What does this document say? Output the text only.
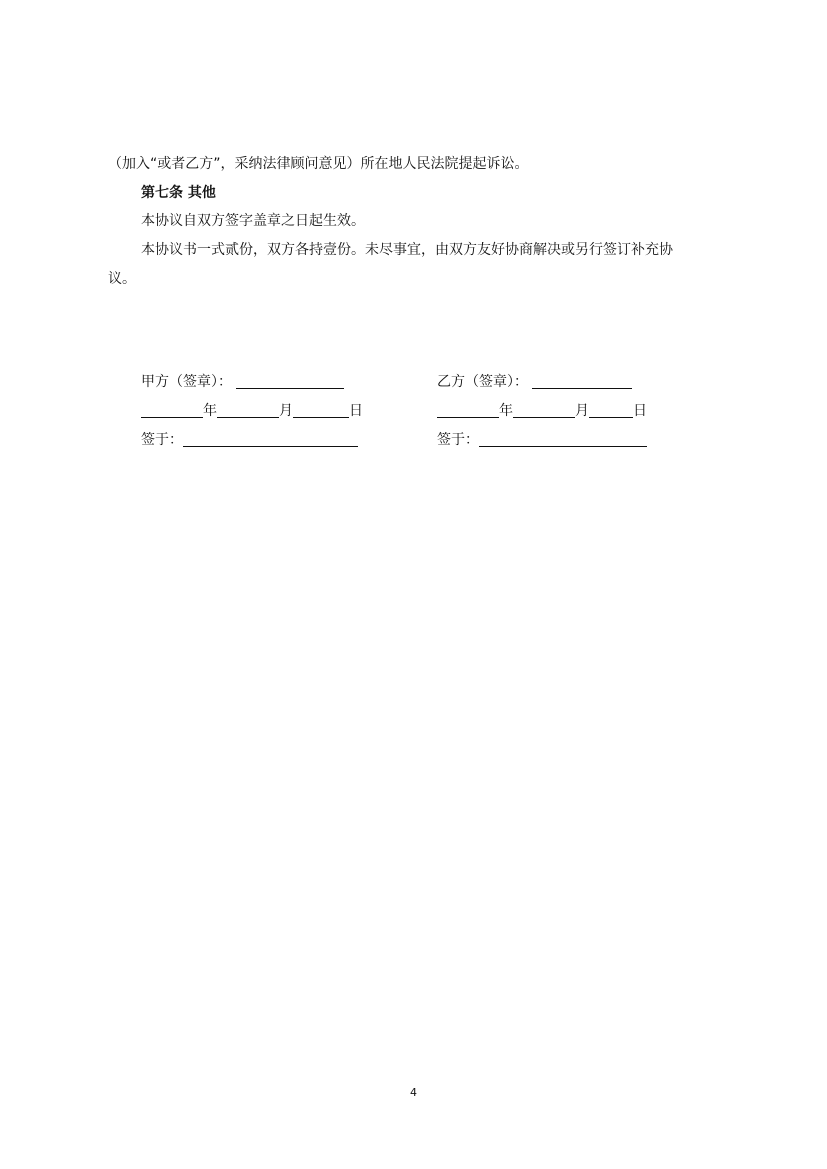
（加入“或者乙方”，采纳法律顾问意见）所在地人民法院提起诉讼。
第七条 其他
本协议自双方签字盖章之日起生效。
本协议书一式贰份，双方各持壹份。未尽事宜，由双方友好协商解决或另行签订补充协
议。
甲方（签章）：
年	月	日
签于：
乙方（签章）：
年	月	日
签于：
4
